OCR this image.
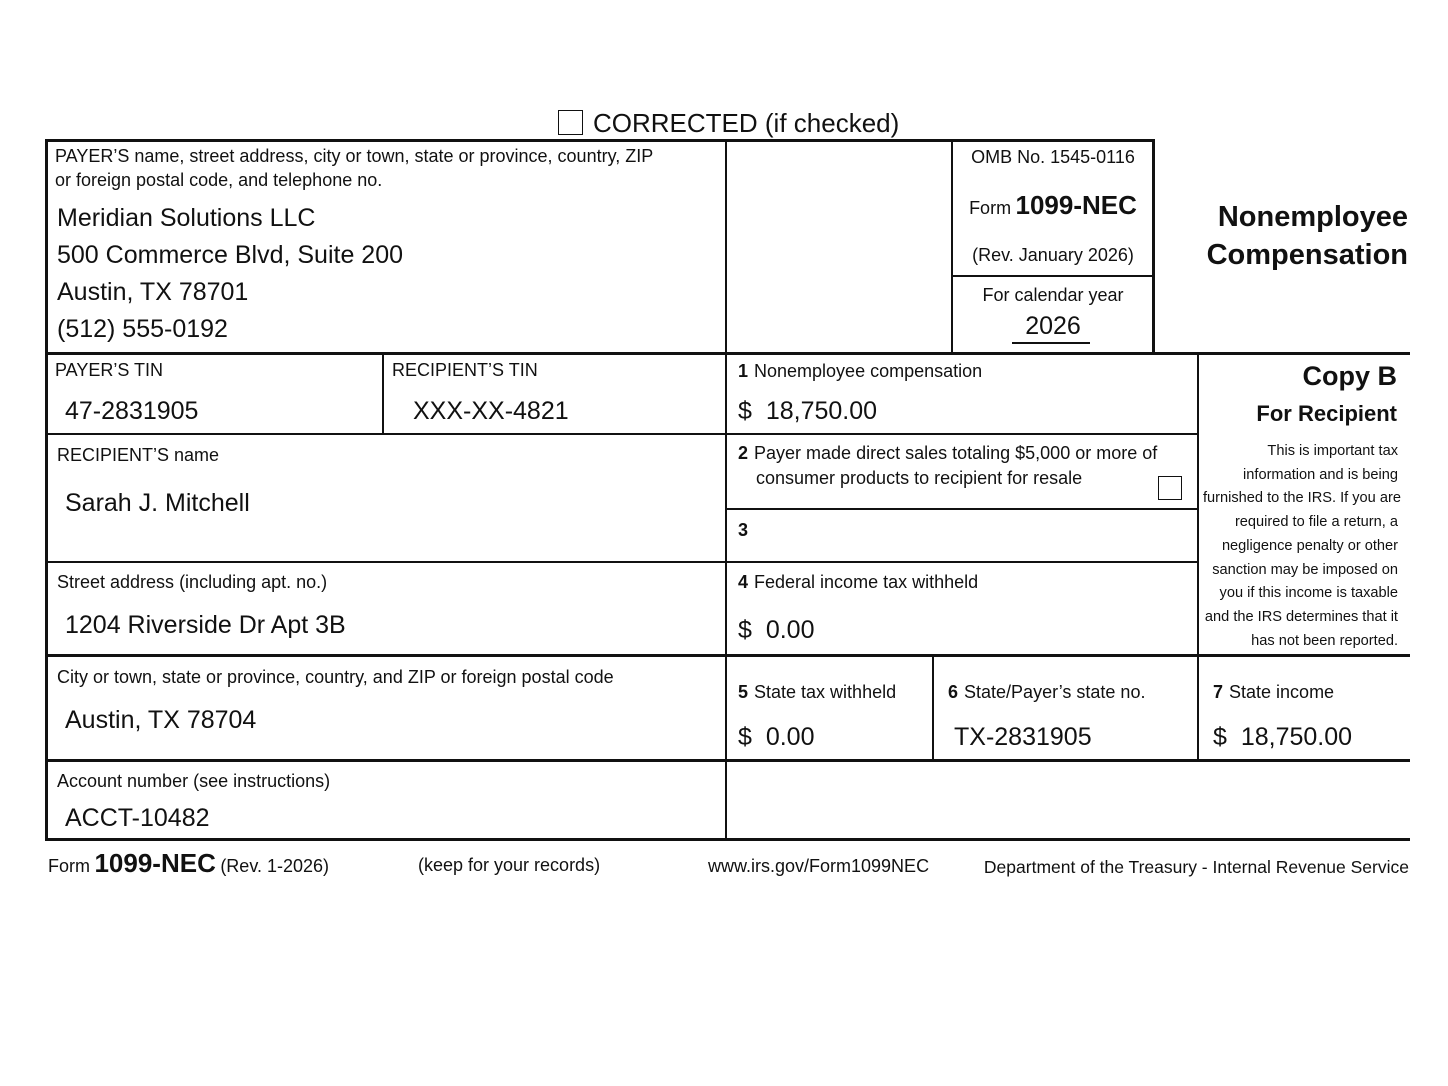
CORRECTED (if checked)
PAYER’S name, street address, city or town, state or province, country, ZIP
or foreign postal code, and telephone no.
Meridian Solutions LLC
500 Commerce Blvd, Suite 200
Austin, TX 78701
(512) 555-0192
OMB No. 1545-0116
Form 1099-NEC
(Rev. January 2026)
For calendar year
2026
Nonemployee
Compensation
PAYER’S TIN
47-2831905
RECIPIENT’S TIN
XXX-XX-4821
1 Nonemployee compensation
$ 18,750.00
2 Payer made direct sales totaling $5,000 or more of
consumer products to recipient for resale
3
RECIPIENT’S name
Sarah J. Mitchell
Street address (including apt. no.)
1204 Riverside Dr Apt 3B
4 Federal income tax withheld
$ 0.00
City or town, state or province, country, and ZIP or foreign postal code
Austin, TX 78704
5 State tax withheld
$ 0.00
6 State/Payer’s state no.
TX-2831905
7 State income
$ 18,750.00
Copy B
For Recipient
This is important tax
information and is being
furnished to the IRS. If you are
required to file a return, a
negligence penalty or other
sanction may be imposed on
you if this income is taxable
and the IRS determines that it
has not been reported.
Account number (see instructions)
ACCT-10482
Form 1099-NEC (Rev. 1-2026)	(keep for your records)	www.irs.gov/Form1099NEC	Department of the Treasury - Internal Revenue Service
